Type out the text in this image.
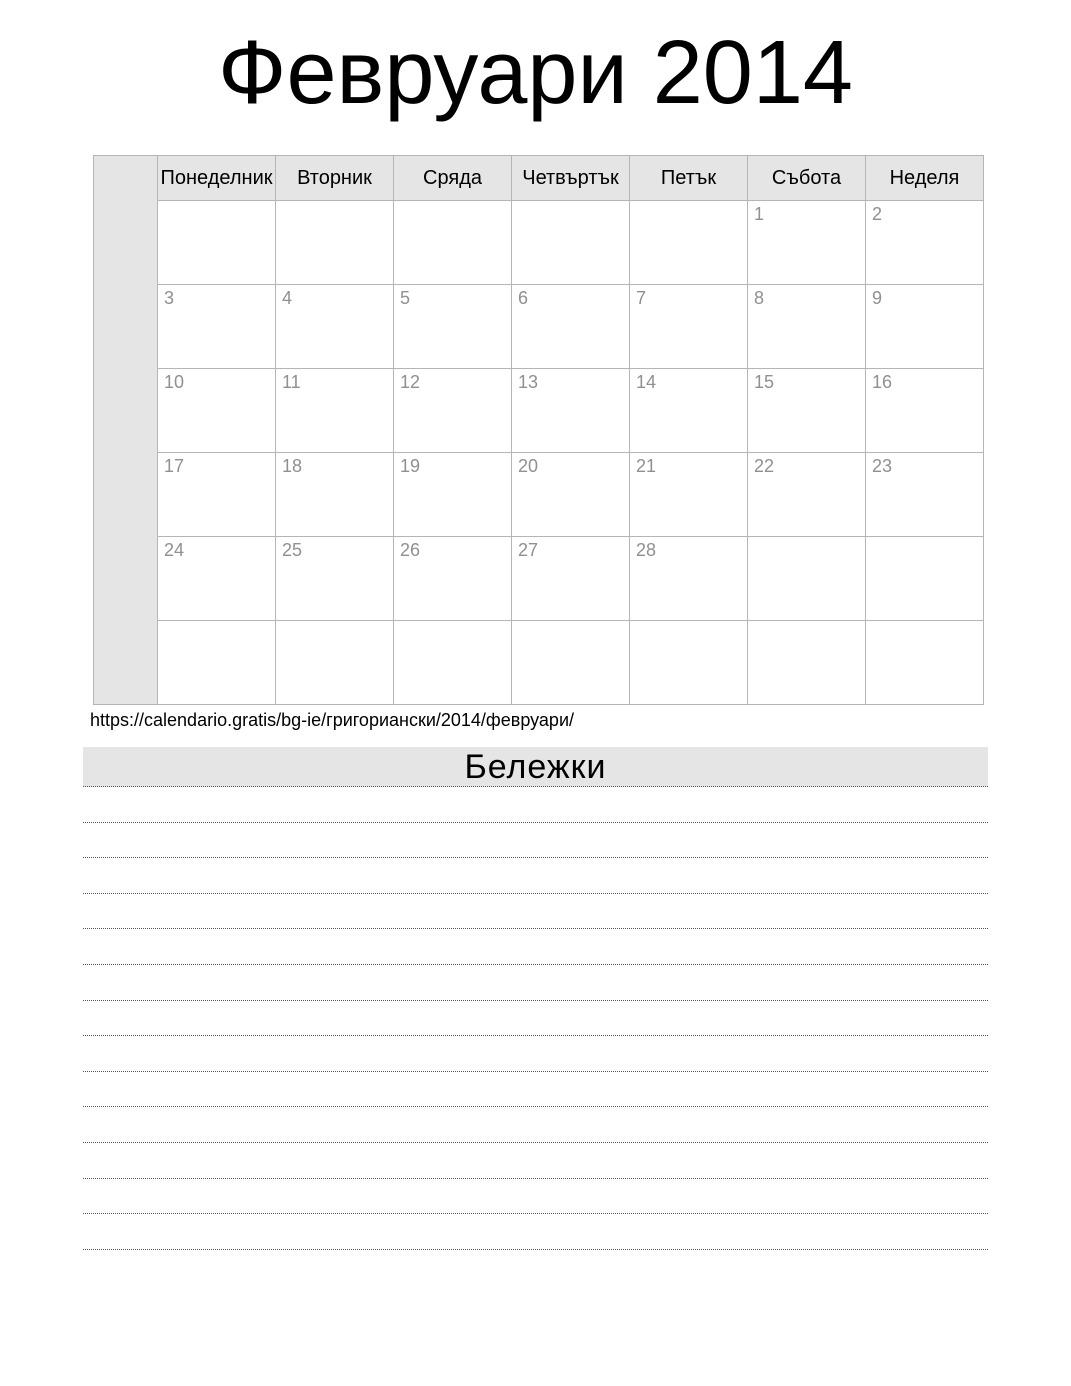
Февруари 2014
	Понеделник	Вторник	Сряда	Четвъртък	Петък	Събота	Неделя
						1	2
	3	4	5	6	7	8	9
	10	11	12	13	14	15	16
	17	18	19	20	21	22	23
	24	25	26	27	28		

https://calendario.gratis/bg-ie/григориански/2014/февруари/
Бележки
